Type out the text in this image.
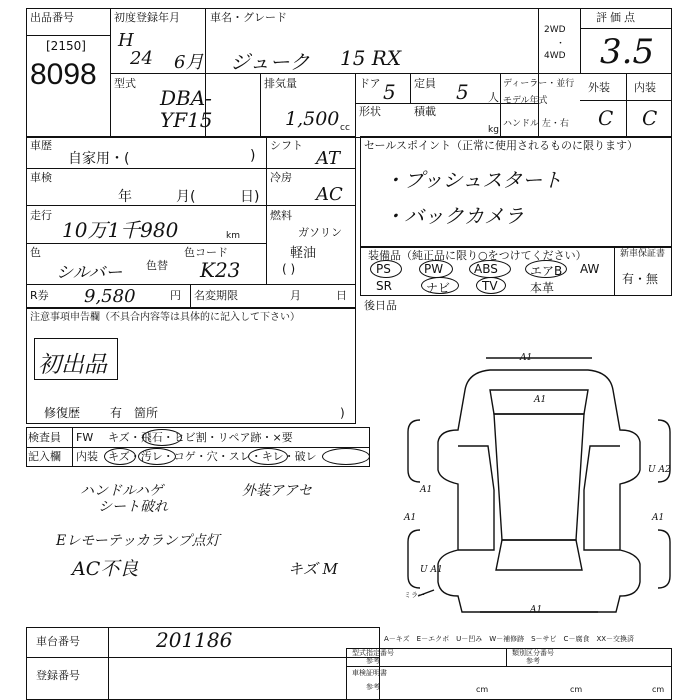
出品番号
[2150]
8098
初度登録年月
H
24 6月
車名・グレード
ジューク 15 RX
2WD
・
4WD
評価点
3.5
型式
DBA-
YF15
排気量
1,500 cc
ドア 5 定員 5 人
形状	積載
kg
ディーラー・並行
モデル年式
ハンドル 左・右
外装 内装
C C
車歴
自家用・(	)
シフト
AT
車検
年	月(	日)
冷房
AC
走行
10万1千980	km
燃料
ガソリン
軽油
( )
色
シルバー 色替
色コード
K23
R券 9,580	円 名変期限	月	日
セールスポイント（正常に使用されるものに限ります）
・プッシュスタート
・バックカメラ
装備品（純正品に限り○をつけてください）	新車保証書
有・無
PS	PW	ABS	エアB AW
SR	ナビ	TV	本革
後日品
注意事項申告欄（不具合内容等は具体的に記入して下さい）
初出品
修復歴 有 箇所	)
検査員
記入欄
FW キズ・飛石・ヒビ割・リペア跡・×要
内装 キズ・汚レ・コゲ・穴・スレ・キレ・破レ
ハンドルハゲ
シート破れ
外装アアセ
Eレモーテッカランプ点灯
AC不良	キズ M
A1
A1
A1
U A2
A1
A1
A1
U A1
ミラー
A－キズ　E－エクボ　U－凹み　W－補修跡　S－サビ　C－腐食　XX－交換済
車台番号	201186
登録番号
型式指定番号
参考
類別区分番号
参考
車検証明書
参考	cm	cm	cm
